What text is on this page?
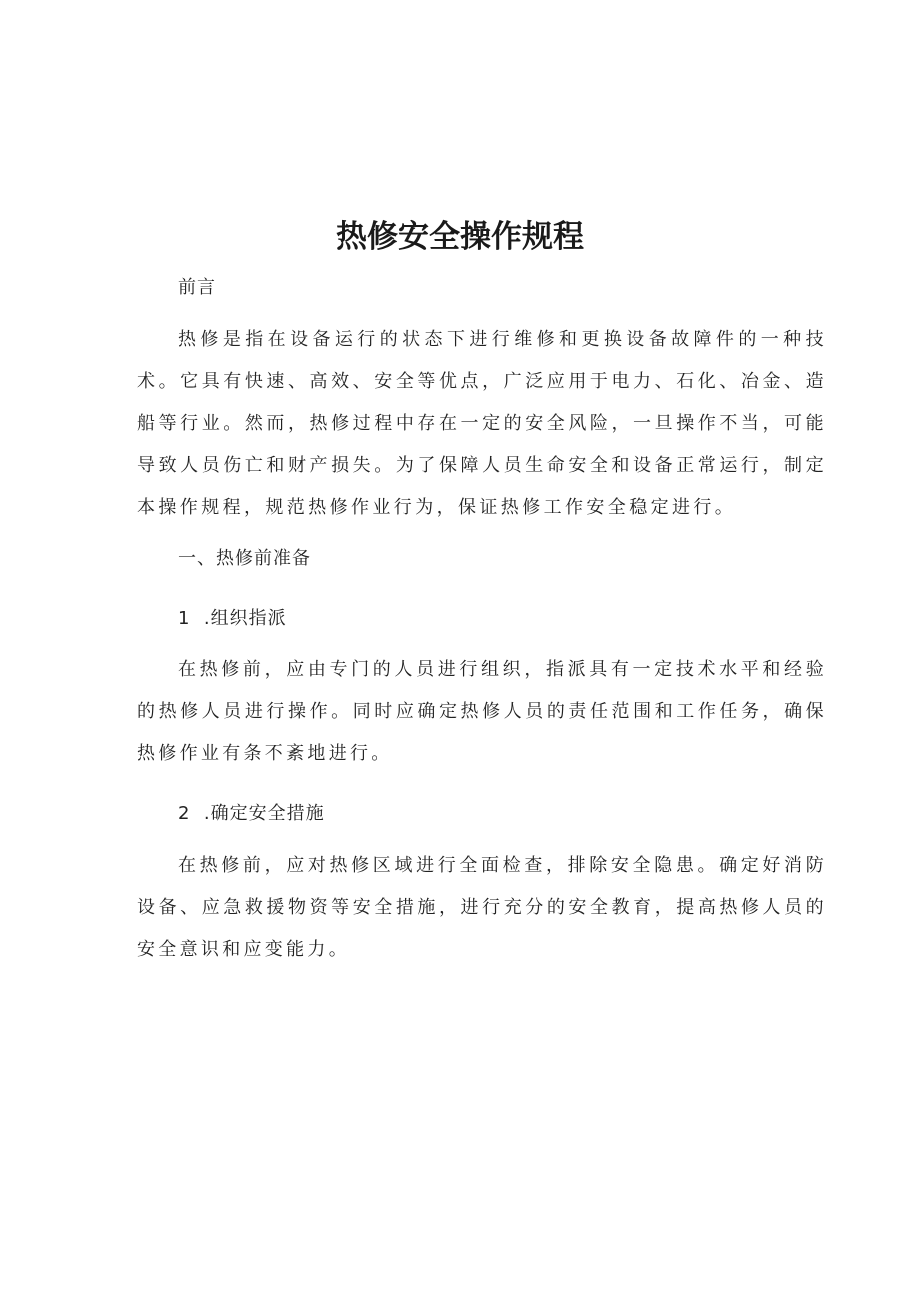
热修安全操作规程
前言
热修是指在设备运行的状态下进行维修和更换设备故障件的一种技术。它具有快速、高效、安全等优点，广泛应用于电力、石化、冶金、造船等行业。然而，热修过程中存在一定的安全风险，一旦操作不当，可能导致人员伤亡和财产损失。为了保障人员生命安全和设备正常运行，制定本操作规程，规范热修作业行为，保证热修工作安全稳定进行。
一、热修前准备
1  .组织指派
在热修前，应由专门的人员进行组织，指派具有一定技术水平和经验的热修人员进行操作。同时应确定热修人员的责任范围和工作任务，确保热修作业有条不紊地进行。
2  .确定安全措施
在热修前，应对热修区域进行全面检查，排除安全隐患。确定好消防设备、应急救援物资等安全措施，进行充分的安全教育，提高热修人员的安全意识和应变能力。
